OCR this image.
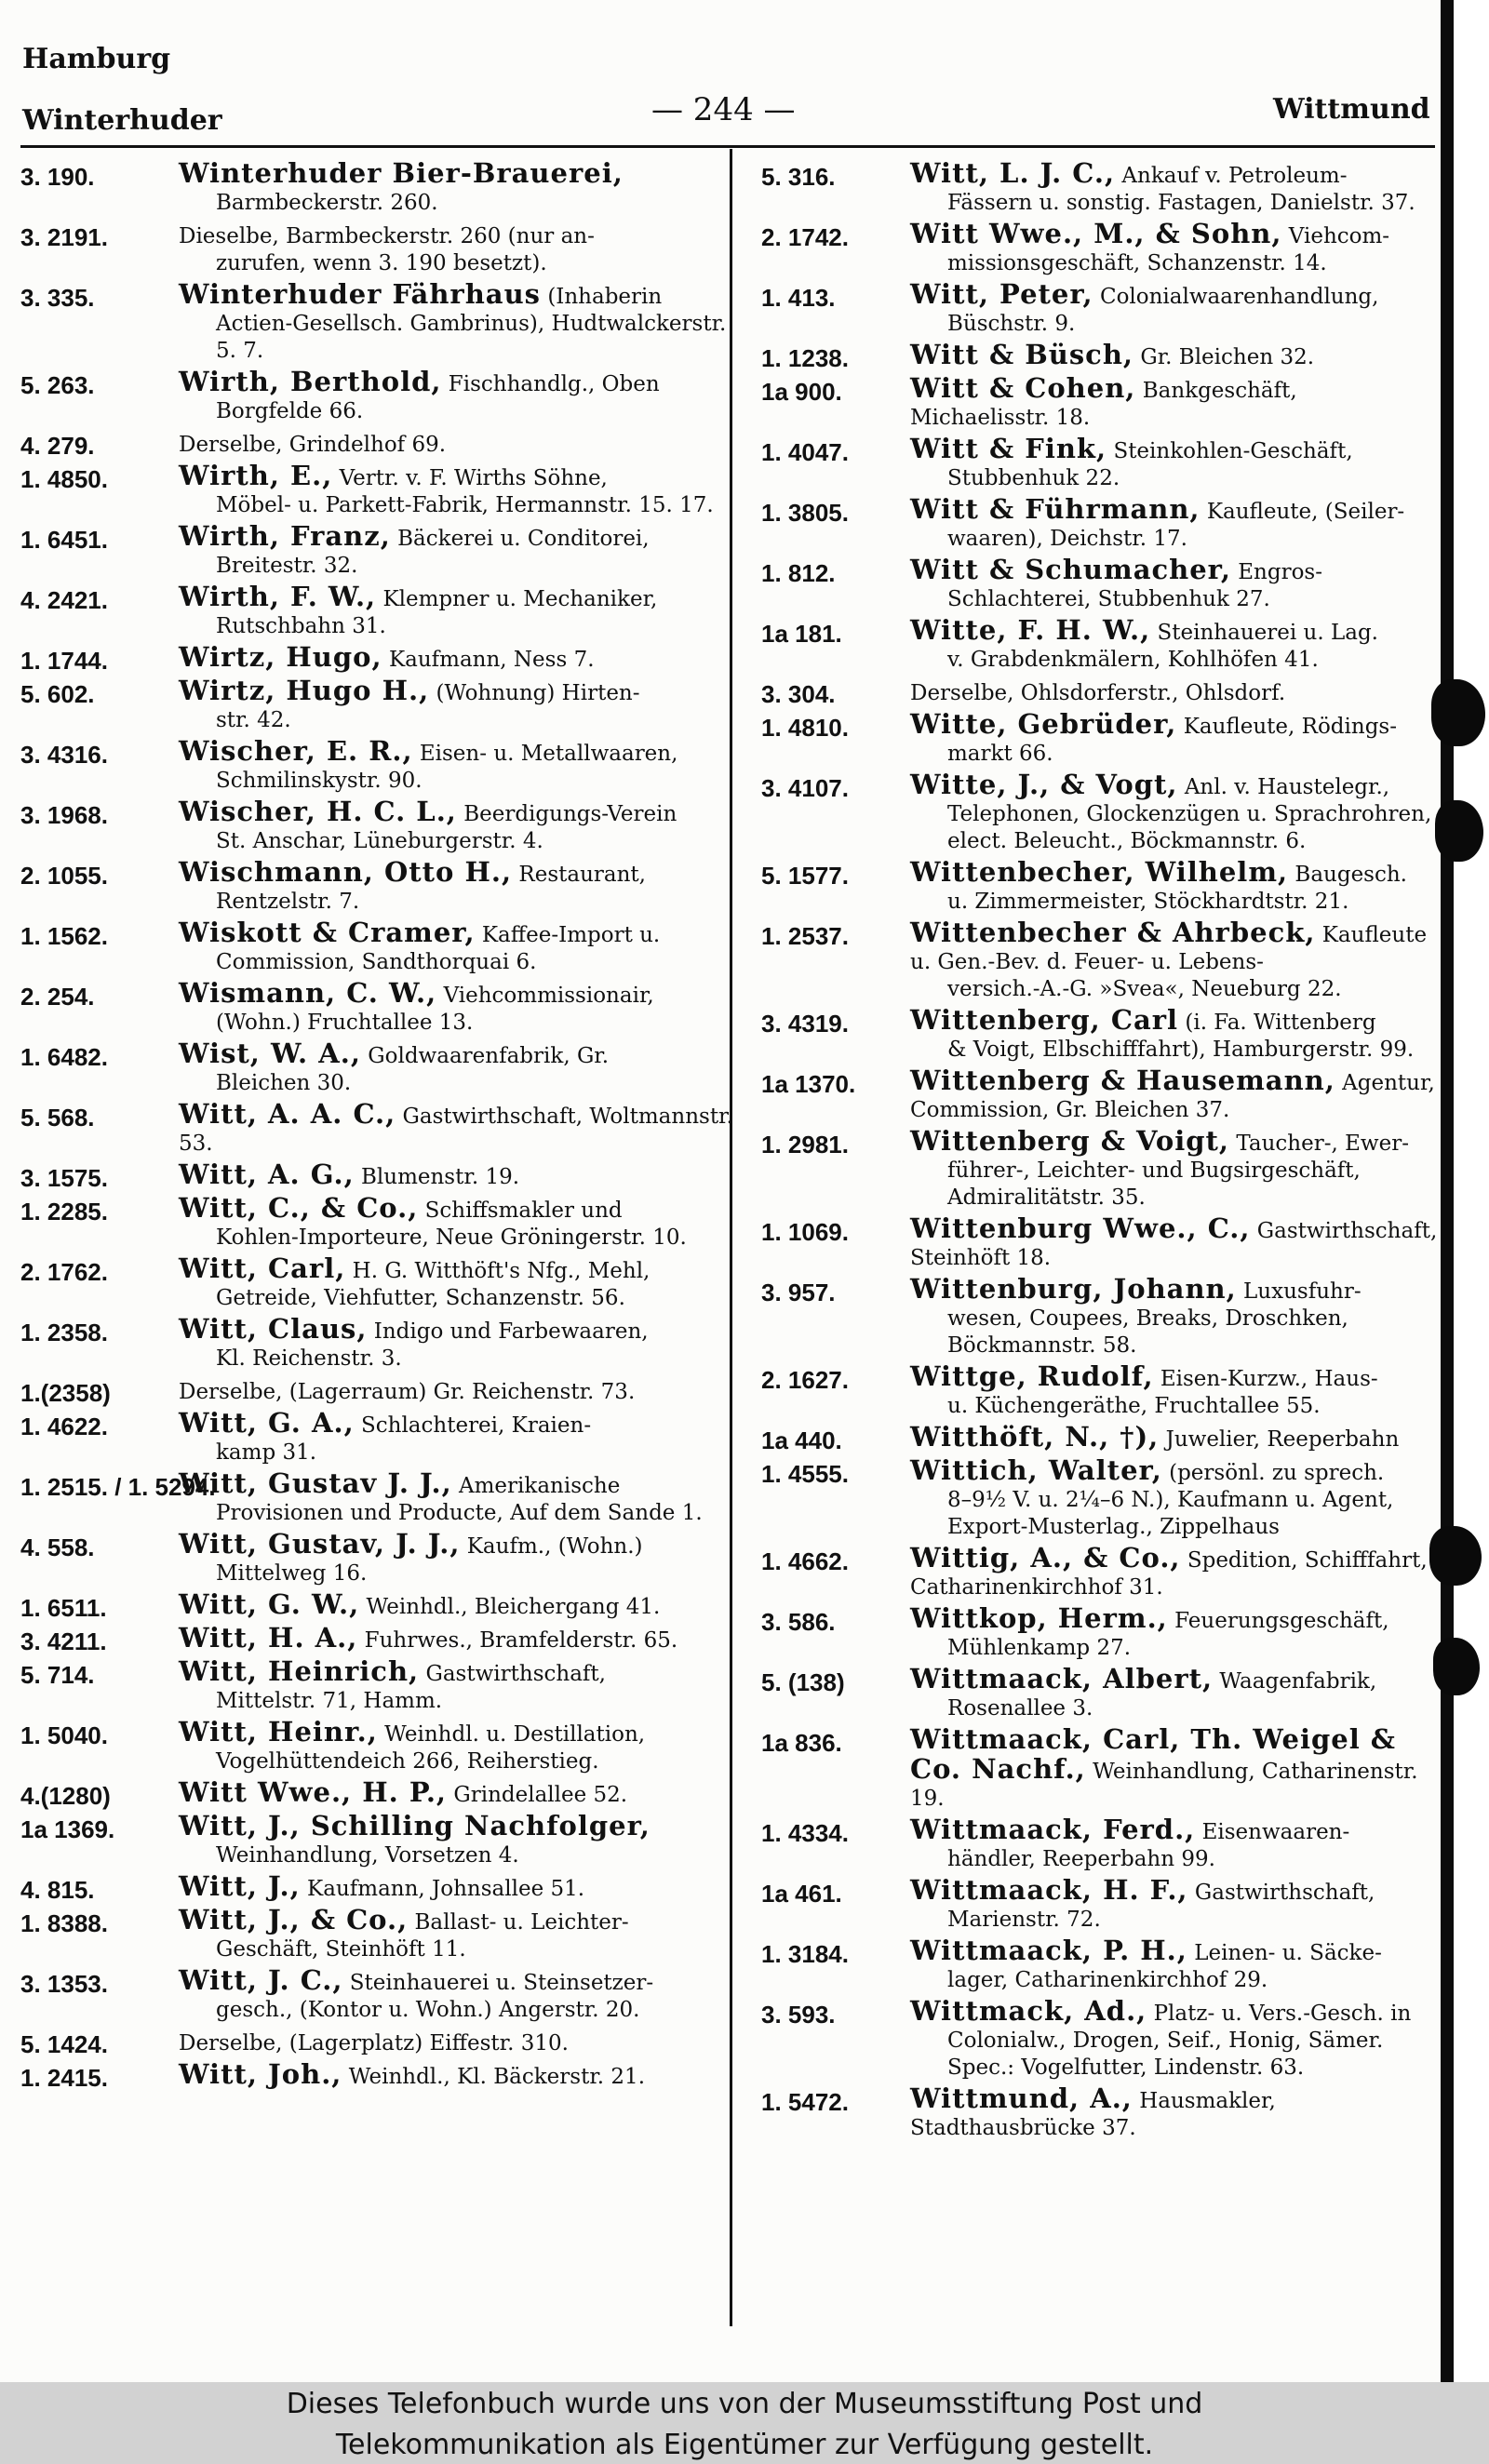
Hamburg
Winterhuder	— 244 —	Wittmund
3. 190.	Winterhuder Bier-Brauerei,
Barmbeckerstr. 260.
3. 2191.	Dieselbe, Barmbeckerstr. 260 (nur an-
zurufen, wenn 3. 190 besetzt).
3. 335.	Winterhuder Fährhaus (Inhaberin
Actien-Gesellsch. Gambrinus), Hudtwalckerstr. 5. 7.
5. 263.	Wirth, Berthold, Fischhandlg., Oben
Borgfelde 66.
4. 279.	Derselbe, Grindelhof 69.
1. 4850.	Wirth, E., Vertr. v. F. Wirths Söhne,
Möbel- u. Parkett-Fabrik, Hermannstr. 15. 17.
1. 6451.	Wirth, Franz, Bäckerei u. Conditorei,
Breitestr. 32.
4. 2421.	Wirth, F. W., Klempner u. Mechaniker,
Rutschbahn 31.
1. 1744.	Wirtz, Hugo, Kaufmann, Ness 7.
5. 602.	Wirtz, Hugo H., (Wohnung) Hirten-
str. 42.
3. 4316.	Wischer, E. R., Eisen- u. Metallwaaren,
Schmilinskystr. 90.
3. 1968.	Wischer, H. C. L., Beerdigungs-Verein
St. Anschar, Lüneburgerstr. 4.
2. 1055.	Wischmann, Otto H., Restaurant,
Rentzelstr. 7.
1. 1562.	Wiskott & Cramer, Kaffee-Import u.
Commission, Sandthorquai 6.
2. 254.	Wismann, C. W., Viehcommissionair,
(Wohn.) Fruchtallee 13.
1. 6482.	Wist, W. A., Goldwaarenfabrik, Gr.
Bleichen 30.
5. 568.	Witt, A. A. C., Gastwirthschaft, Woltmannstr. 53.
3. 1575.	Witt, A. G., Blumenstr. 19.
1. 2285.	Witt, C., & Co., Schiffsmakler und
Kohlen-Importeure, Neue Gröningerstr. 10.
2. 1762.	Witt, Carl, H. G. Witthöft's Nfg., Mehl,
Getreide, Viehfutter, Schanzenstr. 56.
1. 2358.	Witt, Claus, Indigo und Farbewaaren,
Kl. Reichenstr. 3.
1.(2358)	Derselbe, (Lagerraum) Gr. Reichenstr. 73.
1. 4622.	Witt, G. A., Schlachterei, Kraien-
kamp 31.
1. 2515. / 1. 5294.
Witt, Gustav J. J., Amerikanische
Provisionen und Producte, Auf dem Sande 1.
4. 558.	Witt, Gustav, J. J., Kaufm., (Wohn.)
Mittelweg 16.
1. 6511.	Witt, G. W., Weinhdl., Bleichergang 41.
3. 4211.	Witt, H. A., Fuhrwes., Bramfelderstr. 65.
5. 714.	Witt, Heinrich, Gastwirthschaft,
Mittelstr. 71, Hamm.
1. 5040.	Witt, Heinr., Weinhdl. u. Destillation,
Vogelhüttendeich 266, Reiherstieg.
4.(1280)	Witt Wwe., H. P., Grindelallee 52.
1a 1369.	Witt, J., Schilling Nachfolger,
Weinhandlung, Vorsetzen 4.
4. 815.	Witt, J., Kaufmann, Johnsallee 51.
1. 8388.	Witt, J., & Co., Ballast- u. Leichter-
Geschäft, Steinhöft 11.
3. 1353.	Witt, J. C., Steinhauerei u. Steinsetzer-
gesch., (Kontor u. Wohn.) Angerstr. 20.
5. 1424.	Derselbe, (Lagerplatz) Eiffestr. 310.
1. 2415.	Witt, Joh., Weinhdl., Kl. Bäckerstr. 21.
5. 316.	Witt, L. J. C., Ankauf v. Petroleum-
Fässern u. sonstig. Fastagen, Danielstr. 37.
2. 1742.	Witt Wwe., M., & Sohn, Viehcom-
missionsgeschäft, Schanzenstr. 14.
1. 413.	Witt, Peter, Colonialwaarenhandlung,
Büschstr. 9.
1. 1238.	Witt & Büsch, Gr. Bleichen 32.
1a 900.	Witt & Cohen, Bankgeschäft, Michaelisstr. 18.
1. 4047.	Witt & Fink, Steinkohlen-Geschäft,
Stubbenhuk 22.
1. 3805.	Witt & Führmann, Kaufleute, (Seiler-
waaren), Deichstr. 17.
1. 812.	Witt & Schumacher, Engros-
Schlachterei, Stubbenhuk 27.
1a 181.	Witte, F. H. W., Steinhauerei u. Lag.
v. Grabdenkmälern, Kohlhöfen 41.
3. 304.	Derselbe, Ohlsdorferstr., Ohlsdorf.
1. 4810.	Witte, Gebrüder, Kaufleute, Rödings-
markt 66.
3. 4107.	Witte, J., & Vogt, Anl. v. Haustelegr.,
Telephonen, Glockenzügen u. Sprachrohren, elect. Beleucht., Böckmannstr. 6.
5. 1577.	Wittenbecher, Wilhelm, Baugesch.
u. Zimmermeister, Stöckhardtstr. 21.
1. 2537.	Wittenbecher & Ahrbeck, Kaufleute u. Gen.-Bev. d. Feuer- u. Lebens-
versich.-A.-G. »Svea«, Neueburg 22.
3. 4319.	Wittenberg, Carl (i. Fa. Wittenberg
& Voigt, Elbschifffahrt), Hamburgerstr. 99.
1a 1370.	Wittenberg & Hausemann, Agentur, Commission, Gr. Bleichen 37.
1. 2981.	Wittenberg & Voigt, Taucher-, Ewer-
führer-, Leichter- und Bugsirgeschäft, Admiralitätstr. 35.
1. 1069.	Wittenburg Wwe., C., Gastwirthschaft, Steinhöft 18.
3. 957.	Wittenburg, Johann, Luxusfuhr-
wesen, Coupees, Breaks, Droschken, Böckmannstr. 58.
2. 1627.	Wittge, Rudolf, Eisen-Kurzw., Haus-
u. Küchengeräthe, Fruchtallee 55.
1a 440.	Witthöft, N., †), Juwelier, Reeperbahn
1. 4555.	Wittich, Walter, (persönl. zu sprech.
8–9½ V. u. 2¼–6 N.), Kaufmann u. Agent, Export-Musterlag., Zippelhaus
1. 4662.	Wittig, A., & Co., Spedition, Schifffahrt, Catharinenkirchhof 31.
3. 586.	Wittkop, Herm., Feuerungsgeschäft,
Mühlenkamp 27.
5. (138)	Wittmaack, Albert, Waagenfabrik,
Rosenallee 3.
1a 836.	Wittmaack, Carl, Th. Weigel & Co. Nachf., Weinhandlung, Catharinenstr. 19.
1. 4334.	Wittmaack, Ferd., Eisenwaaren-
händler, Reeperbahn 99.
1a 461.	Wittmaack, H. F., Gastwirthschaft,
Marienstr. 72.
1. 3184.	Wittmaack, P. H., Leinen- u. Säcke-
lager, Catharinenkirchhof 29.
3. 593.	Wittmack, Ad., Platz- u. Vers.-Gesch. in
Colonialw., Drogen, Seif., Honig, Sämer. Spec.: Vogelfutter, Lindenstr. 63.
1. 5472.	Wittmund, A., Hausmakler, Stadthausbrücke 37.
Dieses Telefonbuch wurde uns von der Museumsstiftung Post und
Telekommunikation als Eigentümer zur Verfügung gestellt.
